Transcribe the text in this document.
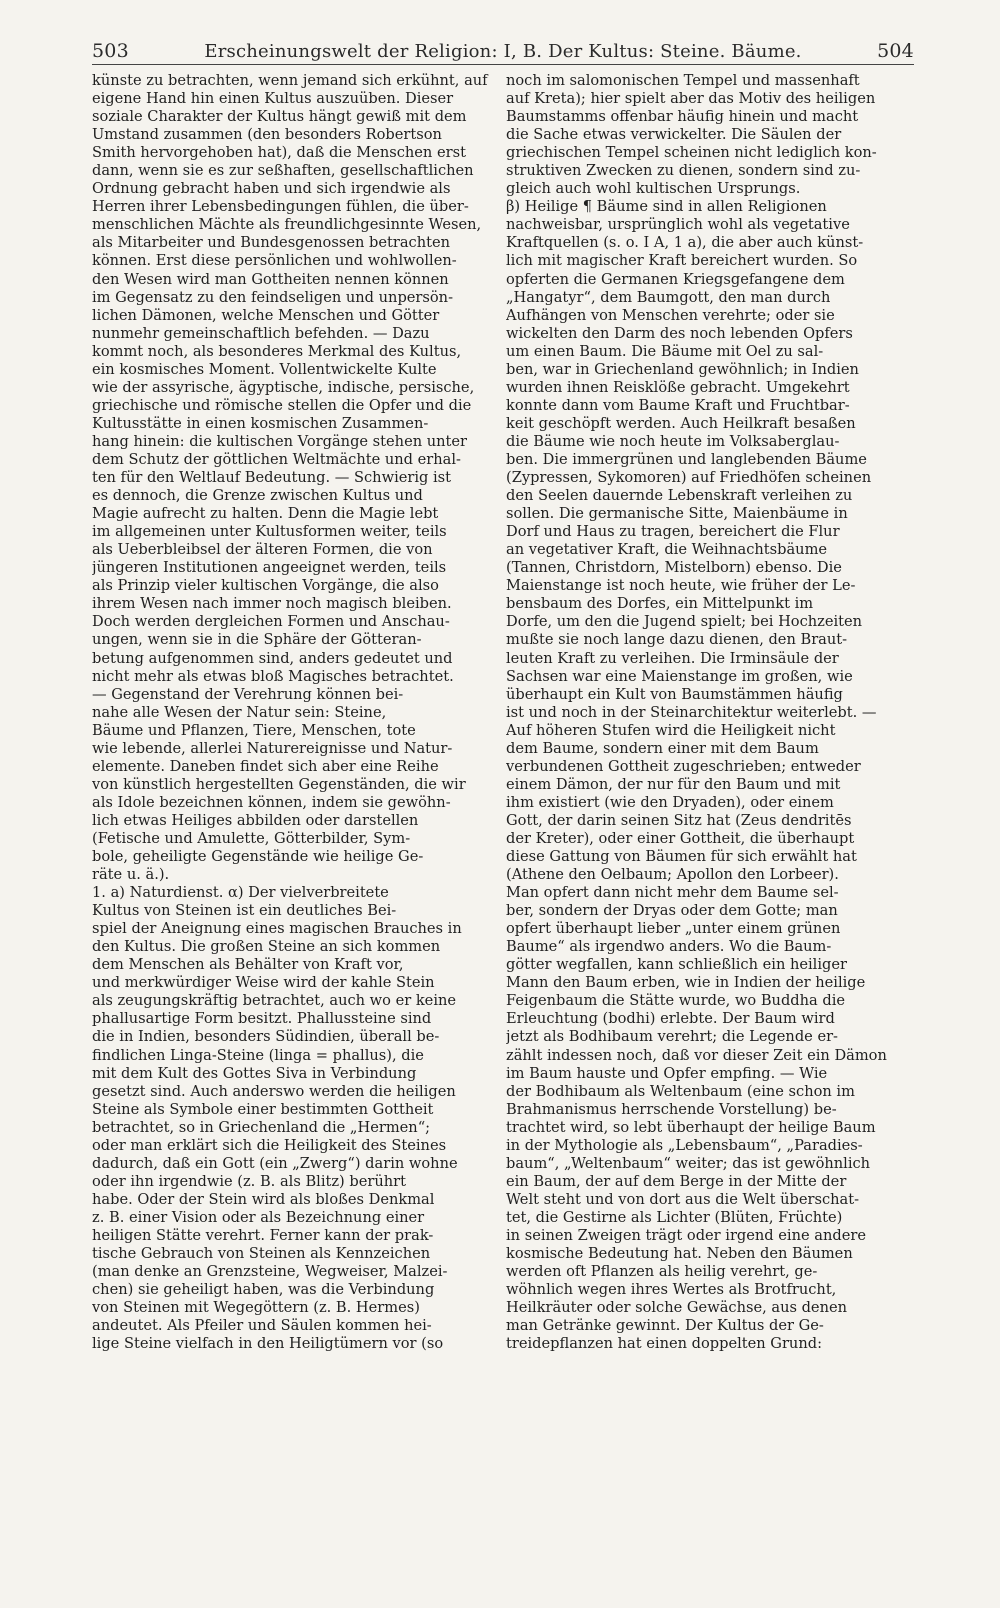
503	Erscheinungswelt der Religion: I, B. Der Kultus: Steine. Bäume.	504

künste zu betrachten, wenn jemand sich erkühnt, auf
eigene Hand hin einen Kultus auszuüben. Dieser
soziale Charakter der Kultus hängt gewiß mit dem
Umstand zusammen (den besonders Robertson
Smith hervorgehoben hat), daß die Menschen erst
dann, wenn sie es zur seßhaften, gesellschaftlichen
Ordnung gebracht haben und sich irgendwie als
Herren ihrer Lebensbedingungen fühlen, die über-
menschlichen Mächte als freundlichgesinnte Wesen,
als Mitarbeiter und Bundesgenossen betrachten
können. Erst diese persönlichen und wohlwollen-
den Wesen wird man Gottheiten nennen können
im Gegensatz zu den feindseligen und unpersön-
lichen Dämonen, welche Menschen und Götter
nunmehr gemeinschaftlich befehden. — Dazu
kommt noch, als besonderes Merkmal des Kultus,
ein kosmisches Moment. Vollentwickelte Kulte
wie der assyrische, ägyptische, indische, persische,
griechische und römische stellen die Opfer und die
Kultusstätte in einen kosmischen Zusammen-
hang hinein: die kultischen Vorgänge stehen unter
dem Schutz der göttlichen Weltmächte und erhal-
ten für den Weltlauf Bedeutung. — Schwierig ist
es dennoch, die Grenze zwischen Kultus und
Magie aufrecht zu halten. Denn die Magie lebt
im allgemeinen unter Kultusformen weiter, teils
als Ueberbleibsel der älteren Formen, die von
jüngeren Institutionen angeeignet werden, teils
als Prinzip vieler kultischen Vorgänge, die also
ihrem Wesen nach immer noch magisch bleiben.
Doch werden dergleichen Formen und Anschau-
ungen, wenn sie in die Sphäre der Götteran-
betung aufgenommen sind, anders gedeutet und
nicht mehr als etwas bloß Magisches betrachtet.
— Gegenstand der Verehrung können bei-
nahe alle Wesen der Natur sein: Steine,
Bäume und Pflanzen, Tiere, Menschen, tote
wie lebende, allerlei Naturereignisse und Natur-
elemente. Daneben findet sich aber eine Reihe
von künstlich hergestellten Gegenständen, die wir
als Idole bezeichnen können, indem sie gewöhn-
lich etwas Heiliges abbilden oder darstellen
(Fetische und Amulette, Götterbilder, Sym-
bole, geheiligte Gegenstände wie heilige Ge-
räte u. ä.).
1. a) Naturdienst. α) Der vielverbreitete
Kultus von Steinen ist ein deutliches Bei-
spiel der Aneignung eines magischen Brauches in
den Kultus. Die großen Steine an sich kommen
dem Menschen als Behälter von Kraft vor,
und merkwürdiger Weise wird der kahle Stein
als zeugungskräftig betrachtet, auch wo er keine
phallusartige Form besitzt. Phallussteine sind
die in Indien, besonders Südindien, überall be-
findlichen Linga-Steine (linga = phallus), die
mit dem Kult des Gottes Siva in Verbindung
gesetzt sind. Auch anderswo werden die heiligen
Steine als Symbole einer bestimmten Gottheit
betrachtet, so in Griechenland die „Hermen“;
oder man erklärt sich die Heiligkeit des Steines
dadurch, daß ein Gott (ein „Zwerg“) darin wohne
oder ihn irgendwie (z. B. als Blitz) berührt
habe. Oder der Stein wird als bloßes Denkmal
z. B. einer Vision oder als Bezeichnung einer
heiligen Stätte verehrt. Ferner kann der prak-
tische Gebrauch von Steinen als Kennzeichen
(man denke an Grenzsteine, Wegweiser, Malzei-
chen) sie geheiligt haben, was die Verbindung
von Steinen mit Wegegöttern (z. B. Hermes)
andeutet. Als Pfeiler und Säulen kommen hei-
lige Steine vielfach in den Heiligtümern vor (so

noch im salomonischen Tempel und massenhaft
auf Kreta); hier spielt aber das Motiv des heiligen
Baumstamms offenbar häufig hinein und macht
die Sache etwas verwickelter. Die Säulen der
griechischen Tempel scheinen nicht lediglich kon-
struktiven Zwecken zu dienen, sondern sind zu-
gleich auch wohl kultischen Ursprungs.
β) Heilige ¶ Bäume sind in allen Religionen
nachweisbar, ursprünglich wohl als vegetative
Kraftquellen (s. o. I A, 1 a), die aber auch künst-
lich mit magischer Kraft bereichert wurden. So
opferten die Germanen Kriegsgefangene dem
„Hangatyr“, dem Baumgott, den man durch
Aufhängen von Menschen verehrte; oder sie
wickelten den Darm des noch lebenden Opfers
um einen Baum. Die Bäume mit Oel zu sal-
ben, war in Griechenland gewöhnlich; in Indien
wurden ihnen Reisklöße gebracht. Umgekehrt
konnte dann vom Baume Kraft und Fruchtbar-
keit geschöpft werden. Auch Heilkraft besaßen
die Bäume wie noch heute im Volksaberglau-
ben. Die immergrünen und langlebenden Bäume
(Zypressen, Sykomoren) auf Friedhöfen scheinen
den Seelen dauernde Lebenskraft verleihen zu
sollen. Die germanische Sitte, Maienbäume in
Dorf und Haus zu tragen, bereichert die Flur
an vegetativer Kraft, die Weihnachtsbäume
(Tannen, Christdorn, Mistelborn) ebenso. Die
Maienstange ist noch heute, wie früher der Le-
bensbaum des Dorfes, ein Mittelpunkt im
Dorfe, um den die Jugend spielt; bei Hochzeiten
mußte sie noch lange dazu dienen, den Braut-
leuten Kraft zu verleihen. Die Irminsäule der
Sachsen war eine Maienstange im großen, wie
überhaupt ein Kult von Baumstämmen häufig
ist und noch in der Steinarchitektur weiterlebt. —
Auf höheren Stufen wird die Heiligkeit nicht
dem Baume, sondern einer mit dem Baum
verbundenen Gottheit zugeschrieben; entweder
einem Dämon, der nur für den Baum und mit
ihm existiert (wie den Dryaden), oder einem
Gott, der darin seinen Sitz hat (Zeus dendritēs
der Kreter), oder einer Gottheit, die überhaupt
diese Gattung von Bäumen für sich erwählt hat
(Athene den Oelbaum; Apollon den Lorbeer).
Man opfert dann nicht mehr dem Baume sel-
ber, sondern der Dryas oder dem Gotte; man
opfert überhaupt lieber „unter einem grünen
Baume“ als irgendwo anders. Wo die Baum-
götter wegfallen, kann schließlich ein heiliger
Mann den Baum erben, wie in Indien der heilige
Feigenbaum die Stätte wurde, wo Buddha die
Erleuchtung (bodhi) erlebte. Der Baum wird
jetzt als Bodhibaum verehrt; die Legende er-
zählt indessen noch, daß vor dieser Zeit ein Dämon
im Baum hauste und Opfer empfing. — Wie
der Bodhibaum als Weltenbaum (eine schon im
Brahmanismus herrschende Vorstellung) be-
trachtet wird, so lebt überhaupt der heilige Baum
in der Mythologie als „Lebensbaum“, „Paradies-
baum“, „Weltenbaum“ weiter; das ist gewöhnlich
ein Baum, der auf dem Berge in der Mitte der
Welt steht und von dort aus die Welt überschat-
tet, die Gestirne als Lichter (Blüten, Früchte)
in seinen Zweigen trägt oder irgend eine andere
kosmische Bedeutung hat. Neben den Bäumen
werden oft Pflanzen als heilig verehrt, ge-
wöhnlich wegen ihres Wertes als Brotfrucht,
Heilkräuter oder solche Gewächse, aus denen
man Getränke gewinnt. Der Kultus der Ge-
treidepflanzen hat einen doppelten Grund:
